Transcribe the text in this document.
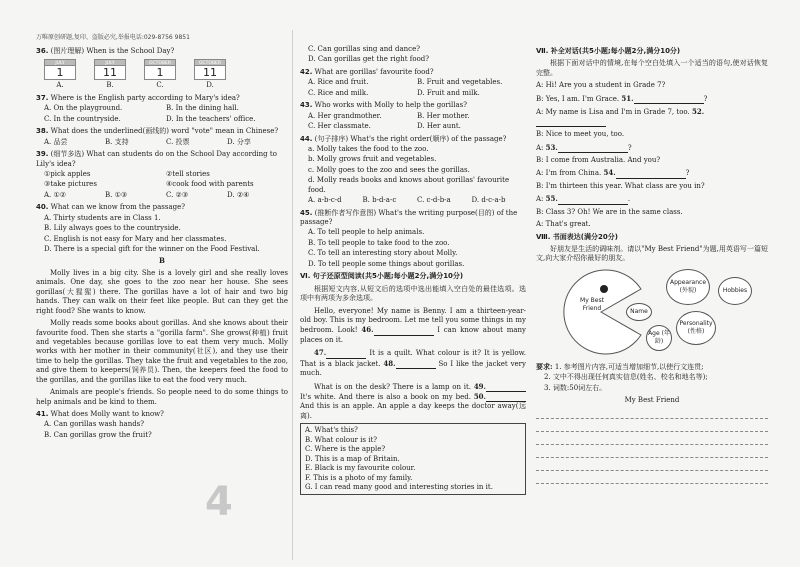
万唯原创研题,复印、盗版必究,举报电话:029-8756 9851
36. (图片理解) When is the School Day?
JULY
1
JULY
11
OCTOBER
1
OCTOBER
11
A.	B.	C.	D.
37. Where is the English party according to Mary's idea?
A. On the playground.	B. In the dining hall.
C. In the countryside.	D. In the teachers' office.
38. What does the underlined(画线的) word "vote" mean in Chinese?
A. 品尝	B. 支持	C. 投票	D. 分享
39. (细节多选) What can students do on the School Day according to Lily's idea?
①pick apples	②tell stories
③take pictures	④cook food with parents
A. ①②	B. ①③	C. ②③	D. ②④
40. What can we know from the passage?
A. Thirty students are in Class 1.
B. Lily always goes to the countryside.
C. English is not easy for Mary and her classmates.
D. There is a special gift for the winner on the Food Festival.
B
Molly lives in a big city. She is a lovely girl and she really loves animals. One day, she goes to the zoo near her house. She sees gorillas(大猩猩) there. The gorillas have a lot of hair and two big hands. They can walk on their feet like people. But can they get the right food? She wants to know.
Molly reads some books about gorillas. And she knows about their favourite food. Then she starts a "gorilla farm". She grows(种植) fruit and vegetables because gorillas love to eat them very much. Molly works with her mother in their community(社区), and they use their time to help the gorillas. They take the fruit and vegetables to the zoo, and give them to keepers(饲养员). Then, the keepers feed the food to the gorillas, and the gorillas like to eat the food very much.
Animals are people's friends. So people need to do some things to help animals and be kind to them.
41. What does Molly want to know?
A. Can gorillas wash hands?
B. Can gorillas grow the fruit?
C. Can gorillas sing and dance?
D. Can gorillas get the right food?
42. What are gorillas' favourite food?
A. Rice and fruit.	B. Fruit and vegetables.
C. Rice and milk.	D. Fruit and milk.
43. Who works with Molly to help the gorillas?
A. Her grandmother.	B. Her mother.
C. Her classmate.	D. Her aunt.
44. (句子排序) What's the right order(顺序) of the passage?
a. Molly takes the food to the zoo.
b. Molly grows fruit and vegetables.
c. Molly goes to the zoo and sees the gorillas.
d. Molly reads books and knows about gorillas' favourite food.
A. a-b-c-d	B. b-d-a-c	C. c-d-b-a	D. d-c-a-b
45. (推断作者写作意图) What's the writing purpose(目的) of the passage?
A. To tell people to help animals.
B. To tell people to take food to the zoo.
C. To tell an interesting story about Molly.
D. To tell people some things about gorillas.
Ⅵ. 句子还原型阅读(共5小题;每小题2分,满分10分)
根据短文内容,从短文后的选项中选出能填入空白处的最佳选项。选项中有两项为多余选项。
Hello, everyone! My name is Benny. I am a thirteen-year-old boy. This is my bedroom. Let me tell you some things in my bedroom. Look! 46.	I can know about many places on it.
47.	It is a quilt. What colour is it? It is yellow. That is a black jacket. 48.	So I like the jacket very much.
What is on the desk? There is a lamp on it. 49. It's white. And there is also a book on my bed. 50. And this is an apple. An apple a day keeps the doctor away(远离).
A. What's this?
B. What colour is it?
C. Where is the apple?
D. This is a map of Britain.
E. Black is my favourite colour.
F. This is a photo of my family.
G. I can read many good and interesting stories in it.
Ⅶ. 补全对话(共5小题;每小题2分,满分10分)
根据下面对话中的情境,在每个空白处填入一个适当的语句,使对话恢复完整。
A: Hi! Are you a student in Grade 7?
B: Yes, I am. I'm Grace. 51.	?
A: My name is Lisa and I'm in Grade 7, too. 52.
B: Nice to meet you, too.
A: 53.	?
B: I come from Australia. And you?
A: I'm from China. 54.	?
B: I'm thirteen this year. What class are you in?
A: 55.	.
B: Class 3? Oh! We are in the same class.
A: That's great.
Ⅷ. 书面表达(满分20分)
好朋友是生活的调味剂。请以"My Best Friend"为题,用英语写一篇短文,向大家介绍你最好的朋友。
My Best Friend	Name
Age (年龄)
Appearance (外貌)
Personality (性格)
Hobbies
要求: 1. 参考图片内容,可适当增加细节,以使行文连贯;
2. 文中不得出现任何真实信息(姓名、校名和地名等);
3. 词数:50词左右。
My Best Friend
4
